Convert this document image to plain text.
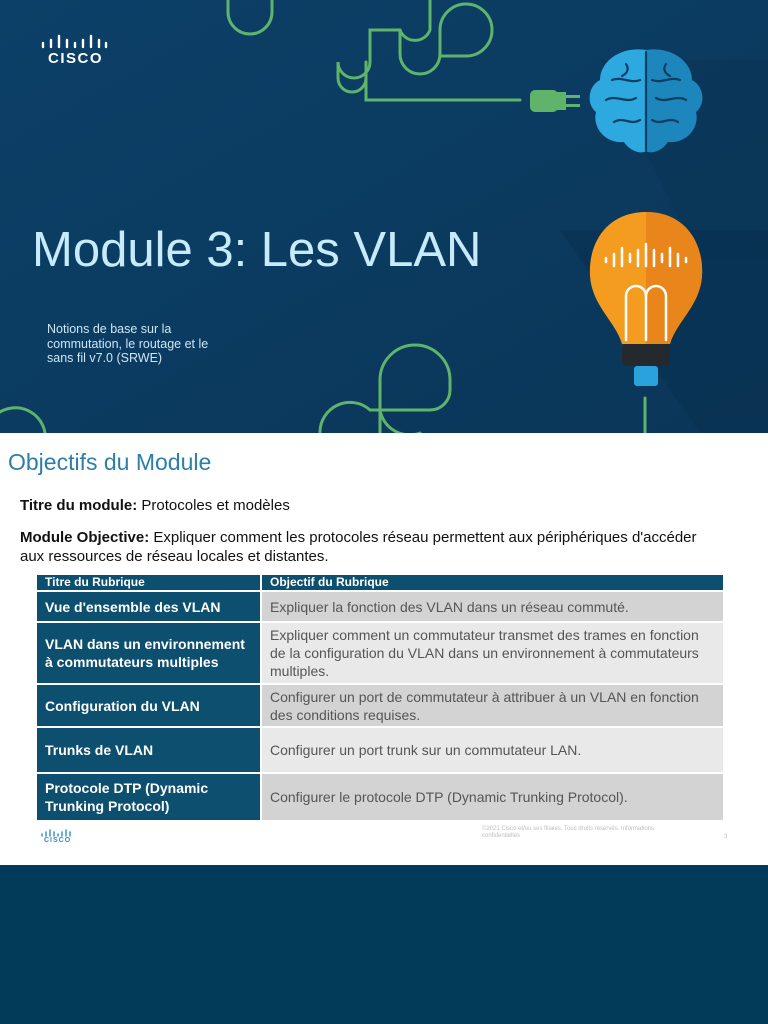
CISCO
Module 3: Les VLAN
Notions de base sur la commutation, le routage et le sans fil v7.0 (SRWE)
Objectifs du Module
Titre du module: Protocoles et modèles
Module Objective: Expliquer comment les protocoles réseau permettent aux périphériques d'accéder aux ressources de réseau locales et distantes.
Titre du Rubrique	Objectif du Rubrique
Vue d'ensemble des VLAN	Expliquer la fonction des VLAN dans un réseau commuté.
VLAN dans un environnement à commutateurs multiples	Expliquer comment un commutateur transmet des trames en fonction de la configuration du VLAN dans un environnement à commutateurs multiples.
Configuration du VLAN	Configurer un port de commutateur à attribuer à un VLAN en fonction des conditions requises.
Trunks de VLAN	Configurer un port trunk sur un commutateur LAN.
Protocole DTP (Dynamic Trunking Protocol)	Configurer le protocole DTP (Dynamic Trunking Protocol).
CISCO
©2021 Cisco et/ou ses filiales. Tous droits réservés. Informations confidentielles	3
